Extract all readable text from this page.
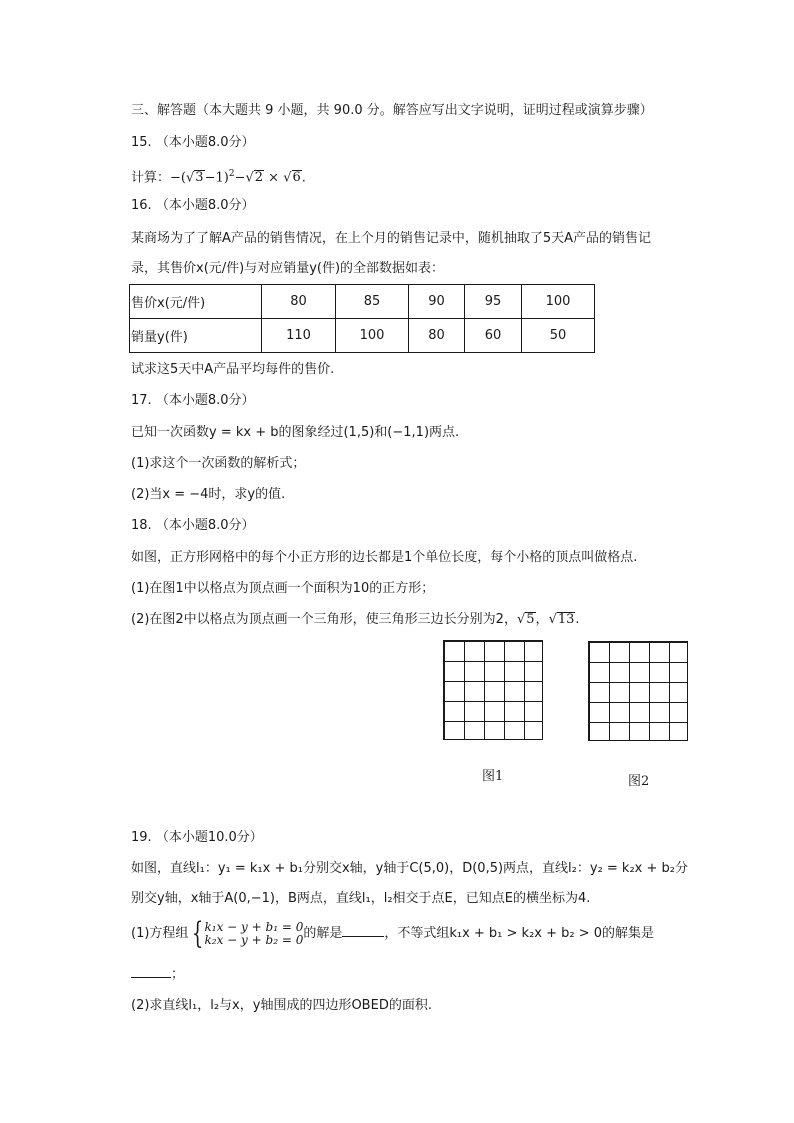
三、解答题（本大题共 9 小题，共 90.0 分。解答应写出文字说明，证明过程或演算步骤）
15. （本小题8.0分）
计算：$-(√3-1)^2-√2 \times √6$.
16. （本小题8.0分）
某商场为了了解A产品的销售情况，在上个月的销售记录中，随机抽取了5天A产品的销售记
录，其售价x(元/件)与对应销量y(件)的全部数据如表：
售价x(元/件)	80	85	90	95	100
销量y(件)	110	100	80	60	50
试求这5天中A产品平均每件的售价.
17. （本小题8.0分）
已知一次函数y = kx + b的图象经过(1,5)和(−1,1)两点.
(1)求这个一次函数的解析式；
(2)当x = −4时，求y的值.
18. （本小题8.0分）
如图，正方形网格中的每个小正方形的边长都是1个单位长度，每个小格的顶点叫做格点.
(1)在图1中以格点为顶点画一个面积为10的正方形；
(2)在图2中以格点为顶点画一个三角形，使三角形三边长分别为2，√5，√13.
图1	图2
19. （本小题10.0分）
如图，直线l₁：y₁ = k₁x + b₁分别交x轴，y轴于C(5,0)，D(0,5)两点，直线l₂：y₂ = k₂x + b₂分
别交y轴，x轴于A(0,−1)，B两点，直线l₁，l₂相交于点E，已知点E的横坐标为4.
(1)方程组 { k₁x − y + b₁ = 0
k₂x − y + b₂ = 0 的解是	，不等式组k₁x + b₁ > k₂x + b₂ > 0的解集是
；
(2)求直线l₁，l₂与x，y轴围成的四边形OBED的面积.
